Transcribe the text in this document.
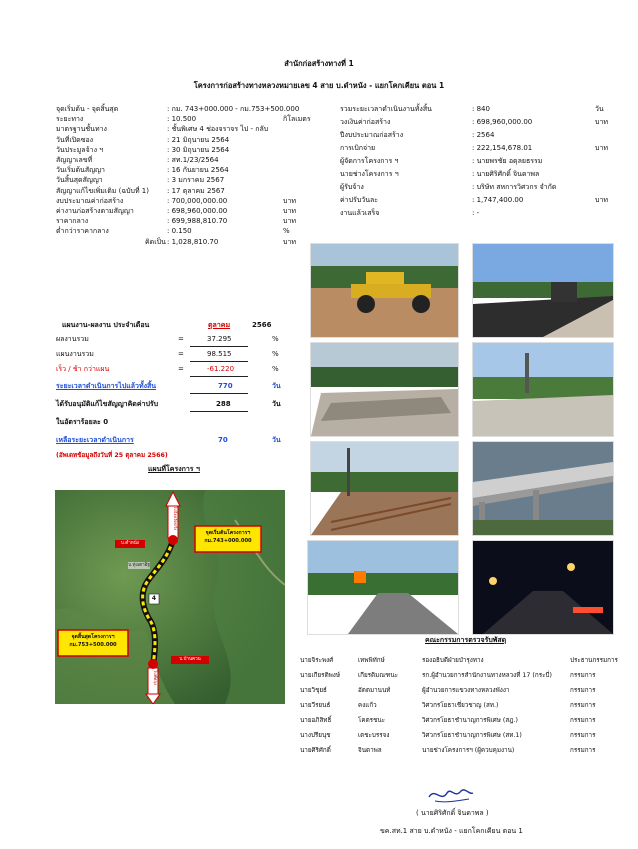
สำนักก่อสร้างทางที่ 1
โครงการก่อสร้างทางหลวงหมายเลข 4 สาย บ.ดำหนัง - แยกโคกเคียน ตอน 1
จุดเริ่มต้น - จุดสิ้นสุด	: กม. 743+000.000 - กม.753+500.000
ระยะทาง	: 10.500	กิโลเมตร
มาตรฐานชั้นทาง	: ชั้นพิเศษ 4 ช่องจราจร ไป - กลับ
วันที่เปิดซอง	: 21 มิถุนายน 2564
วันประมูลจ้าง ฯ	: 30 มิถุนายน 2564
สัญญาเลขที่	: สท.1/23/2564
วันเริ่มต้นสัญญา	: 16 กันยายน 2564
วันสิ้นสุดสัญญา	: 3 มกราคม 2567
สัญญาแก้ไขเพิ่มเติม (ฉบับที่ 1)	: 17 ตุลาคม 2567
งบประมาณค่าก่อสร้าง	: 700,000,000.00	บาท
ค่างานก่อสร้างตามสัญญา	: 698,960,000.00	บาท
ราคากลาง	: 699,988,810.70	บาท
ต่ำกว่าราคากลาง	: 0.150	%
คิดเป็น : 1,028,810.70	บาท
รวมระยะเวลาดำเนินงานทั้งสิ้น	: 840	วัน
วงเงินค่าก่อสร้าง	: 698,960,000.00	บาท
ปีงบประมาณก่อสร้าง	: 2564
การเบิกจ่าย	: 222,154,678.01	บาท
ผู้จัดการโครงการ ฯ	: นายพรชัย อดุลยธรรม
นายช่างโครงการ ฯ	: นายศิริศักดิ์ จินดาพล
ผู้รับจ้าง	: บริษัท สหการวิศวกร จำกัด
ค่าปรับวันละ	: 1,747,400.00	บาท
งานแล้วเสร็จ	: -
แผนงาน-ผลงาน ประจำเดือน	ตุลาคม	2566
ผลงานรวม	=	37.295	%
แผนงานรวม	=	98.515	%
เร็ว / ช้า กว่าแผน	=	-61.220	%
ระยะเวลาดำเนินการไปแล้วทั้งสิ้น	770	วัน
ได้รับอนุมัติแก้ไขสัญญาคิดค่าปรับ	288	วัน
ในอัตราร้อยละ 0
เหลือระยะเวลาดำเนินการ	70	วัน
(อัพเดทข้อมูลถึงวันที่ 25 ตุลาคม 2566)
แผนที่โครงการ ฯ
จุดเริ่มต้นโครงการฯ
กม.743+000.000
จุดสิ้นสุดโครงการฯ
กม.753+500.000
บ.ดำหนัง
บ.ทุ่งเตาอิฐ
บ.บ้านควน
4
ไปจังหวัดตรัง
ไปพัทลุง
คณะกรรมการตรวจรับพัสดุ
นายจิระพงศ์	เทพพิทักษ์	รองอธิบดีฝ่ายบำรุงทาง	ประธานกรรมการ
นายเกียรติพงษ์	เกียรติมณฑนะ	รก.ผู้อำนวยการสำนักงานทางหลวงที่ 17 (กระบี่)	กรรมการ
นายวิชุยธ์	อัตตมานนท์	ผู้อำนวยการแขวงทางหลวงพังงา	กรรมการ
นายวีรยนธ์	คงแก้ว	วิศวกรโยธาเชี่ยวชาญ (สท.)	กรรมการ
นายอภิสิทธิ์	โคตรชนะ	วิศวกรโยธาชำนาญการพิเศษ (สฎ.)	กรรมการ
นางปรียนุช	เตชะบรรจง	วิศวกรโยธาชำนาญการพิเศษ (สท.1)	กรรมการ
นายศิริศักดิ์	จินดาพล	นายช่างโครงการฯ (ผู้ควบคุมงาน)	กรรมการ
( นายศิริศักดิ์ จินดาพล )
ขค.สท.1 สาย บ.ดำหนัง - แยกโคกเคียน ตอน 1
